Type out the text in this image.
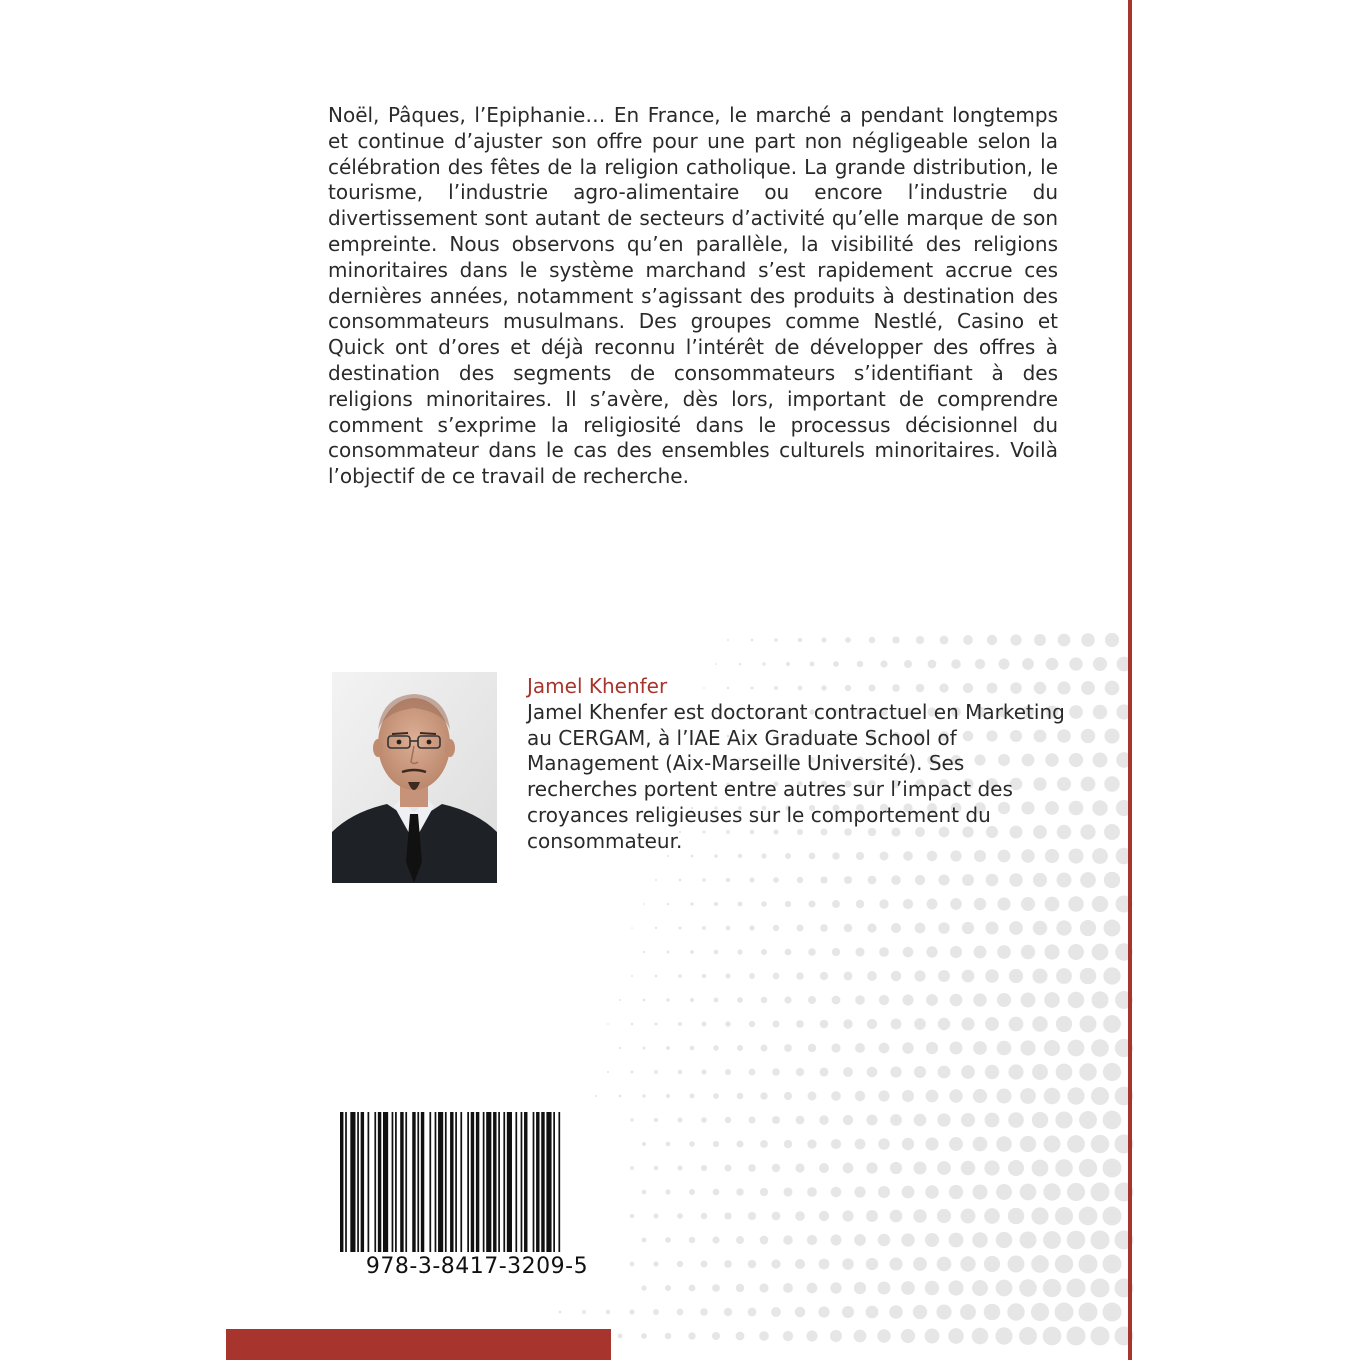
Noël, Pâques, l’Epiphanie… En France, le marché a pendant longtemps et continue d’ajuster son offre pour une part non négligeable selon la célébration des fêtes de la religion catholique. La grande distribution, le tourisme, l’industrie agro-alimentaire ou encore l’industrie du divertissement sont autant de secteurs d’activité qu’elle marque de son empreinte. Nous observons qu’en parallèle, la visibilité des religions minoritaires dans le système marchand s’est rapidement accrue ces dernières années, notamment s’agissant des produits à destination des consommateurs musulmans. Des groupes comme Nestlé, Casino et Quick ont d’ores et déjà reconnu l’intérêt de développer des offres à destination des segments de consommateurs s’identifiant à des religions minoritaires. Il s’avère, dès lors, important de comprendre comment s’exprime la religiosité dans le processus décisionnel du consommateur dans le cas des ensembles culturels minoritaires. Voilà l’objectif de ce travail de recherche.

Jamel Khenfer

Jamel Khenfer est doctorant contractuel en Marketing au CERGAM, à l’IAE Aix Graduate School of Management (Aix-Marseille Université). Ses recherches portent entre autres sur l’impact des croyances religieuses sur le comportement du consommateur.

978-3-8417-3209-5
